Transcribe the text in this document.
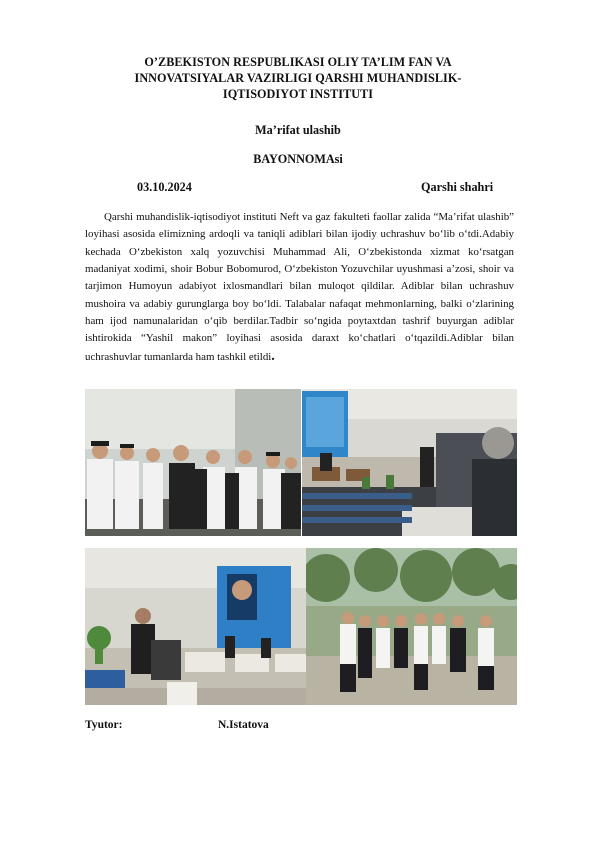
O’ZBEKISTON RESPUBLIKASI OLIY TA’LIM FAN VA
INNOVATSIYALAR VAZIRLIGI QARSHI MUHANDISLIK-
IQTISODIYOT INSTITUTI
Ma’rifat ulashib
BAYONNOMAsi
03.10.2024	Qarshi shahri

Qarshi muhandislik-iqtisodiyot instituti Neft va gaz fakulteti faollar zalida “Ma’rifat ulashib” loyihasi asosida elimizning ardoqli va taniqli adiblari bilan ijodiy uchrashuv bo‘lib o‘tdi.Adabiy kechada O‘zbekiston xalq yozuvchisi Muhammad Ali, O‘zbekistonda xizmat ko‘rsatgan madaniyat xodimi, shoir Bobur Bobomurod, O‘zbekiston Yozuvchilar uyushmasi a’zosi, shoir va tarjimon Humoyun adabiyot ixlosmandlari bilan muloqot qildilar. Adiblar bilan uchrashuv mushoira va adabiy gurunglarga boy bo‘ldi. Talabalar nafaqat mehmonlarning, balki o‘zlarining ham ijod namunalaridan o‘qib berdilar.Tadbir so‘ngida poytaxtdan tashrif buyurgan adiblar ishtirokida “Yashil makon” loyihasi asosida daraxt ko‘chatlari o‘tqazildi.Adiblar bilan uchrashuvlar tumanlarda ham tashkil etildi.

Tyutor:	N.Istatova
